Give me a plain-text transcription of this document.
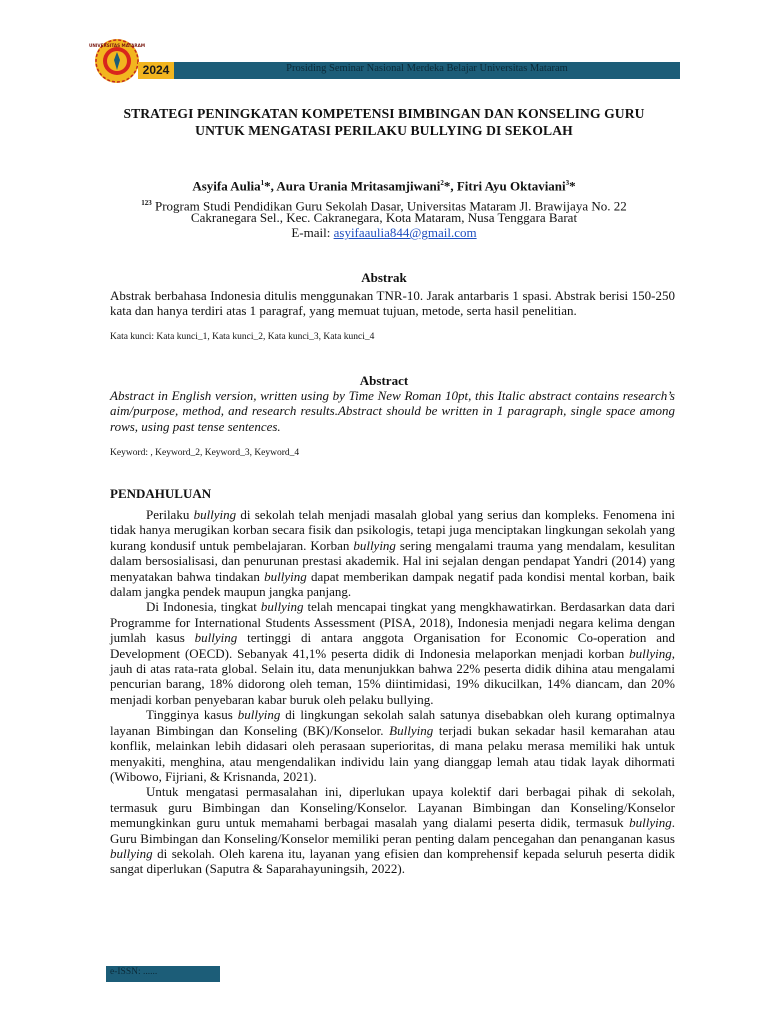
UNIVERSITAS MATARAM
2024	Prosiding Seminar Nasional Merdeka Belajar Universitas Mataram
STRATEGI PENINGKATAN KOMPETENSI BIMBINGAN DAN KONSELING GURU
UNTUK MENGATASI PERILAKU BULLYING DI SEKOLAH
Asyifa Aulia$^1$*, Aura Urania Mritasamjiwani$^2$*, Fitri Ayu Oktaviani$^3$*
$^{123}$ Program Studi Pendidikan Guru Sekolah Dasar, Universitas Mataram Jl. Brawijaya No. 22
Cakranegara Sel., Kec. Cakranegara, Kota Mataram, Nusa Tenggara Barat
E-mail: asyifaaulia844@gmail.com
Abstrak

Abstrak berbahasa Indonesia ditulis menggunakan TNR-10. Jarak antarbaris 1 spasi. Abstrak berisi 150-250 kata dan hanya terdiri atas 1 paragraf, yang memuat tujuan, metode, serta hasil penelitian.

Kata kunci: Kata kunci_1, Kata kunci_2, Kata kunci_3, Kata kunci_4
Abstract

Abstract in English version, written using by Time New Roman 10pt, this Italic abstract contains research’s aim/purpose, method, and research results.Abstract should be written in 1 paragraph, single space among rows, using past tense sentences.

Keyword: , Keyword_2, Keyword_3, Keyword_4
PENDAHULUAN

Perilaku bullying di sekolah telah menjadi masalah global yang serius dan kompleks. Fenomena ini tidak hanya merugikan korban secara fisik dan psikologis, tetapi juga menciptakan lingkungan sekolah yang kurang kondusif untuk pembelajaran. Korban bullying sering mengalami trauma yang mendalam, kesulitan dalam bersosialisasi, dan penurunan prestasi akademik. Hal ini sejalan dengan pendapat Yandri (2014) yang menyatakan bahwa tindakan bullying dapat memberikan dampak negatif pada kondisi mental korban, baik dalam jangka pendek maupun jangka panjang.

Di Indonesia, tingkat bullying telah mencapai tingkat yang mengkhawatirkan. Berdasarkan data dari Programme for International Students Assessment (PISA, 2018), Indonesia menjadi negara kelima dengan jumlah kasus bullying tertinggi di antara anggota Organisation for Economic Co-operation and Development (OECD). Sebanyak 41,1% peserta didik di Indonesia melaporkan menjadi korban bullying, jauh di atas rata-rata global. Selain itu, data menunjukkan bahwa 22% peserta didik dihina atau mengalami pencurian barang, 18% didorong oleh teman, 15% diintimidasi, 19% dikucilkan, 14% diancam, dan 20% menjadi korban penyebaran kabar buruk oleh pelaku bullying.

Tingginya kasus bullying di lingkungan sekolah salah satunya disebabkan oleh kurang optimalnya layanan Bimbingan dan Konseling (BK)/Konselor. Bullying terjadi bukan sekadar hasil kemarahan atau konflik, melainkan lebih didasari oleh perasaan superioritas, di mana pelaku merasa memiliki hak untuk menyakiti, menghina, atau mengendalikan individu lain yang dianggap lemah atau tidak layak dihormati (Wibowo, Fijriani, & Krisnanda, 2021).

Untuk mengatasi permasalahan ini, diperlukan upaya kolektif dari berbagai pihak di sekolah, termasuk guru Bimbingan dan Konseling/Konselor. Layanan Bimbingan dan Konseling/Konselor memungkinkan guru untuk memahami berbagai masalah yang dialami peserta didik, termasuk bullying. Guru Bimbingan dan Konseling/Konselor memiliki peran penting dalam pencegahan dan penanganan kasus bullying di sekolah. Oleh karena itu, layanan yang efisien dan komprehensif kepada seluruh peserta didik sangat diperlukan (Saputra & Saparahayuningsih, 2022).

e-ISSN: ......
